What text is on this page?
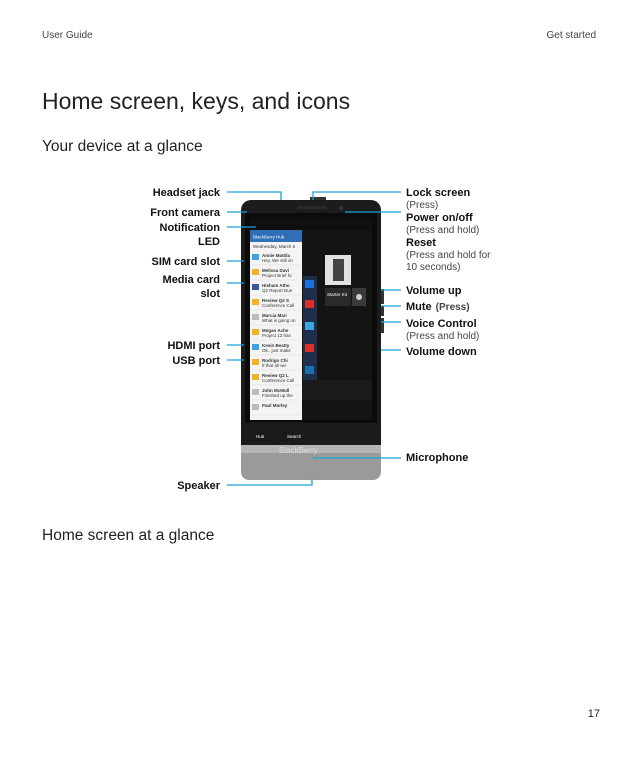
User Guide	Get started
Home screen, keys, and icons
Your device at a glance
Home screen at a glance
17
BlackBerry Hub
Wednesday, March 6
Annie Mattila
Hey, We still on
Melissa Davi
Project Brief fo
Hisham Atho
Q2 Report Due
Review Q2 S
Conference Call
Marcia Mari
What is going on
Megan Ache
Project 12 has
Kevin Beatty
Ok.. just make
Rodrigo Chi
If that all we
Review Q2 L
Conference Call
John McMull
Finished up the
Paul Morley
Starter Kit
Hub	Search
BlackBerry
Headset jack
Front camera
Notification
LED
SIM card slot
Media card
slot
HDMI port
USB port
Speaker
Lock screen
(Press)
Power on/off
(Press and hold)
Reset
(Press and hold for
10 seconds)
Volume up
Mute (Press)
Voice Control
(Press and hold)
Volume down
Microphone
